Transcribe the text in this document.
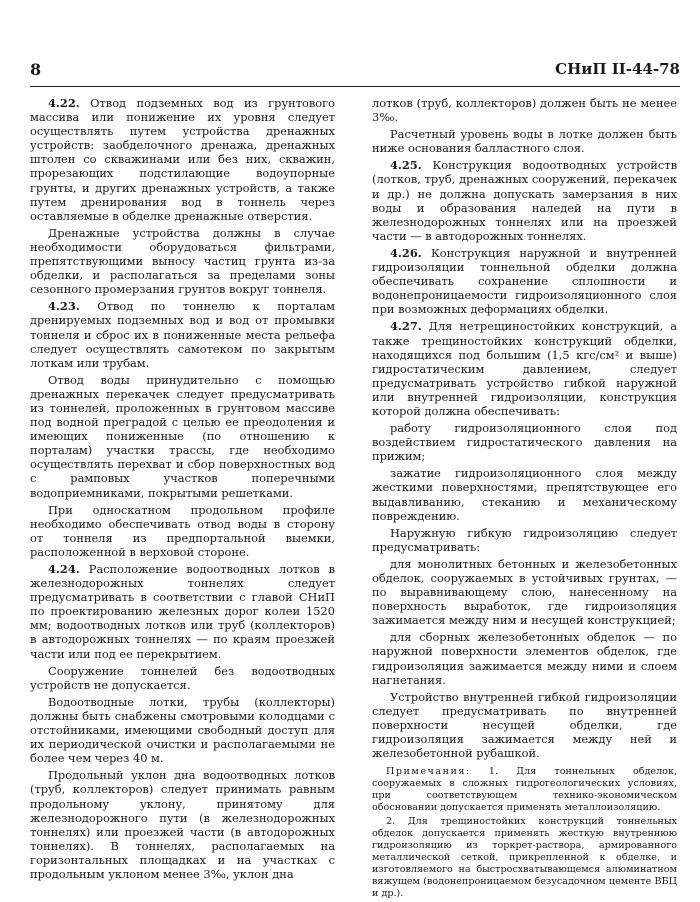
8	СНиП II-44-78

4.22. Отвод подземных вод из грунтового массива или понижение их уровня следует осуществлять путем устройства дренажных устройств: заобделочного дренажа, дренажных штолен со скважинами или без них, скважин, прорезающих подстилающие водоупорные грунты, и других дренажных устройств, а также путем дренирования вод в тоннель через оставляемые в обделке дренажные отверстия.

Дренажные устройства должны в случае необходимости оборудоваться фильтрами, препятствующими выносу частиц грунта из-за обделки, и располагаться за пределами зоны сезонного промерзания грунтов вокруг тоннеля.

4.23. Отвод по тоннелю к порталам дренируемых подземных вод и вод от промывки тоннеля и сброс их в пониженные места рельефа следует осуществлять самотеком по закрытым лоткам или трубам.

Отвод воды принудительно с помощью дренажных перекачек следует предусматривать из тоннелей, проложенных в грунтовом массиве под водной преградой с целью ее преодоления и имеющих пониженные (по отношению к порталам) участки трассы, где необходимо осуществлять перехват и сбор поверхностных вод с рамповых участков поперечными водоприемниками, покрытыми решетками.

При односкатном продольном профиле необходимо обеспечивать отвод воды в сторону от тоннеля из предпортальной выемки, расположенной в верховой стороне.

4.24. Расположение водоотводных лотков в железнодорожных тоннелях следует предусматривать в соответствии с главой СНиП по проектированию железных дорог колеи 1520 мм; водоотводных лотков или труб (коллекторов) в автодорожных тоннелях — по краям проезжей части или под ее перекрытием.

Сооружение тоннелей без водоотводных устройств не допускается.

Водоотводные лотки, трубы (коллекторы) должны быть снабжены смотровыми колодцами с отстойниками, имеющими свободный доступ для их периодической очистки и располагаемыми не более чем через 40 м.

Продольный уклон дна водоотводных лотков (труб, коллекторов) следует принимать равным продольному уклону, принятому для железнодорожного пути (в железнодорожных тоннелях) или проезжей части (в автодорожных тоннелях). В тоннелях, располагаемых на горизонтальных площадках и на участках с продольным уклоном менее 3‰, уклон дна

лотков (труб, коллекторов) должен быть не менее 3‰.

Расчетный уровень воды в лотке должен быть ниже основания балластного слоя.

4.25. Конструкция водоотводных устройств (лотков, труб, дренажных сооружений, перекачек и др.) не должна допускать замерзания в них воды и образования наледей на пути в железнодорожных тоннелях или на проезжей части — в автодорожных тоннелях.

4.26. Конструкция наружной и внутренней гидроизоляции тоннельной обделки должна обеспечивать сохранение сплошности и водонепроницаемости гидроизоляционного слоя при возможных деформациях обделки.

4.27. Для нетрещиностойких конструкций, а также трещиностойких конструкций обделки, находящихся под большим (1,5 кгс/см² и выше) гидростатическим давлением, следует предусматривать устройство гибкой наружной или внутренней гидроизоляции, конструкция которой должна обеспечивать:

работу гидроизоляционного слоя под воздействием гидростатического давления на прижим;

зажатие гидроизоляционного слоя между жесткими поверхностями, препятствующее его выдавливанию, стеканию и механическому повреждению.

Наружную гибкую гидроизоляцию следует предусматривать:

для монолитных бетонных и железобетонных обделок, сооружаемых в устойчивых грунтах, — по выравнивающему слою, нанесенному на поверхность выработок, где гидроизоляция зажимается между ним и несущей конструкцией;

для сборных железобетонных обделок — по наружной поверхности элементов обделок, где гидроизоляция зажимается между ними и слоем нагнетания.

Устройство внутренней гибкой гидроизоляции следует предусматривать по внутренней поверхности несущей обделки, где гидроизоляция зажимается между ней и железобетонной рубашкой.

Примечания: 1. Для тоннельных обделок, сооружаемых в сложных гидрогеологических условиях, при соответствующем технико-экономическом обосновании допускается применять металлоизоляцию.

2. Для трещиностойких конструкций тоннельных обделок допускается применять жесткую внутреннюю гидроизоляцию из торкрет-раствора, армированного металлической сеткой, прикрепленной к обделке, и изготовляемого на быстросхватывающемся алюминатном вяжущем (водонепроницаемом безусадочном цементе ВБЦ и др.).
